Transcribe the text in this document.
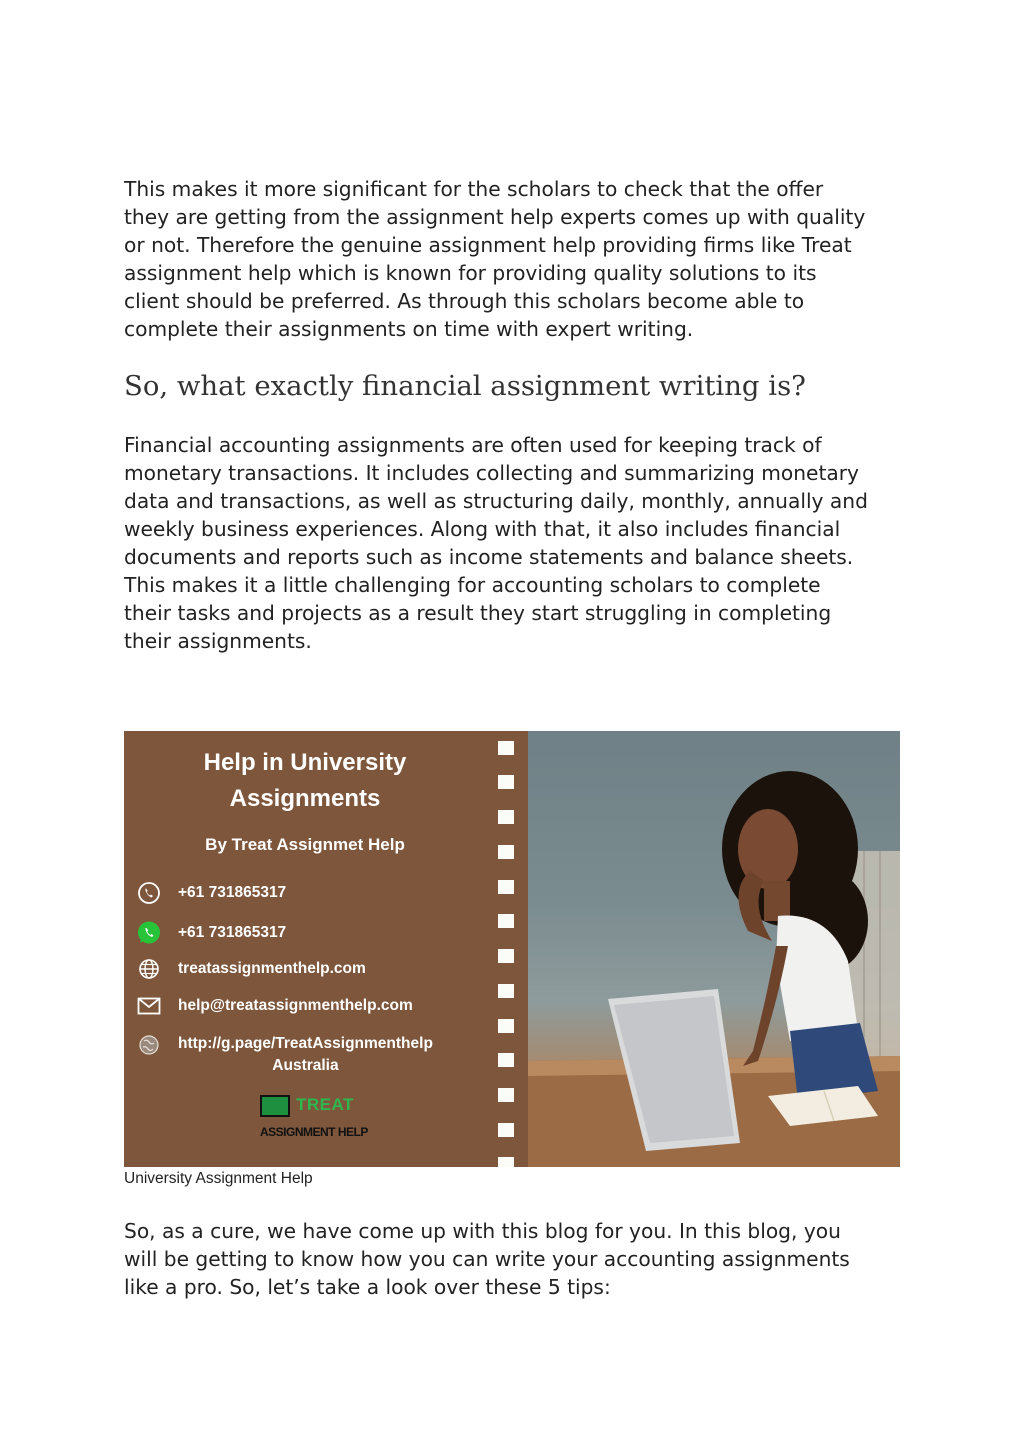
This makes it more significant for the scholars to check that the offer
they are getting from the assignment help experts comes up with quality
or not. Therefore the genuine assignment help providing firms like Treat
assignment help which is known for providing quality solutions to its
client should be preferred. As through this scholars become able to
complete their assignments on time with expert writing.
So, what exactly financial assignment writing is?
Financial accounting assignments are often used for keeping track of
monetary transactions. It includes collecting and summarizing monetary
data and transactions, as well as structuring daily, monthly, annually and
weekly business experiences. Along with that, it also includes financial
documents and reports such as income statements and balance sheets.
This makes it a little challenging for accounting scholars to complete
their tasks and projects as a result they start struggling in completing
their assignments.
Help in University
Assignments
By Treat Assignmet Help
+61 731865317
+61 731865317
treatassignmenthelp.com
help@treatassignmenthelp.com
http://g.page/TreatAssignmenthelp
Australia
TREAT
ASSIGNMENT HELP

University Assignment Help

So, as a cure, we have come up with this blog for you. In this blog, you
will be getting to know how you can write your accounting assignments
like a pro. So, let’s take a look over these 5 tips:
